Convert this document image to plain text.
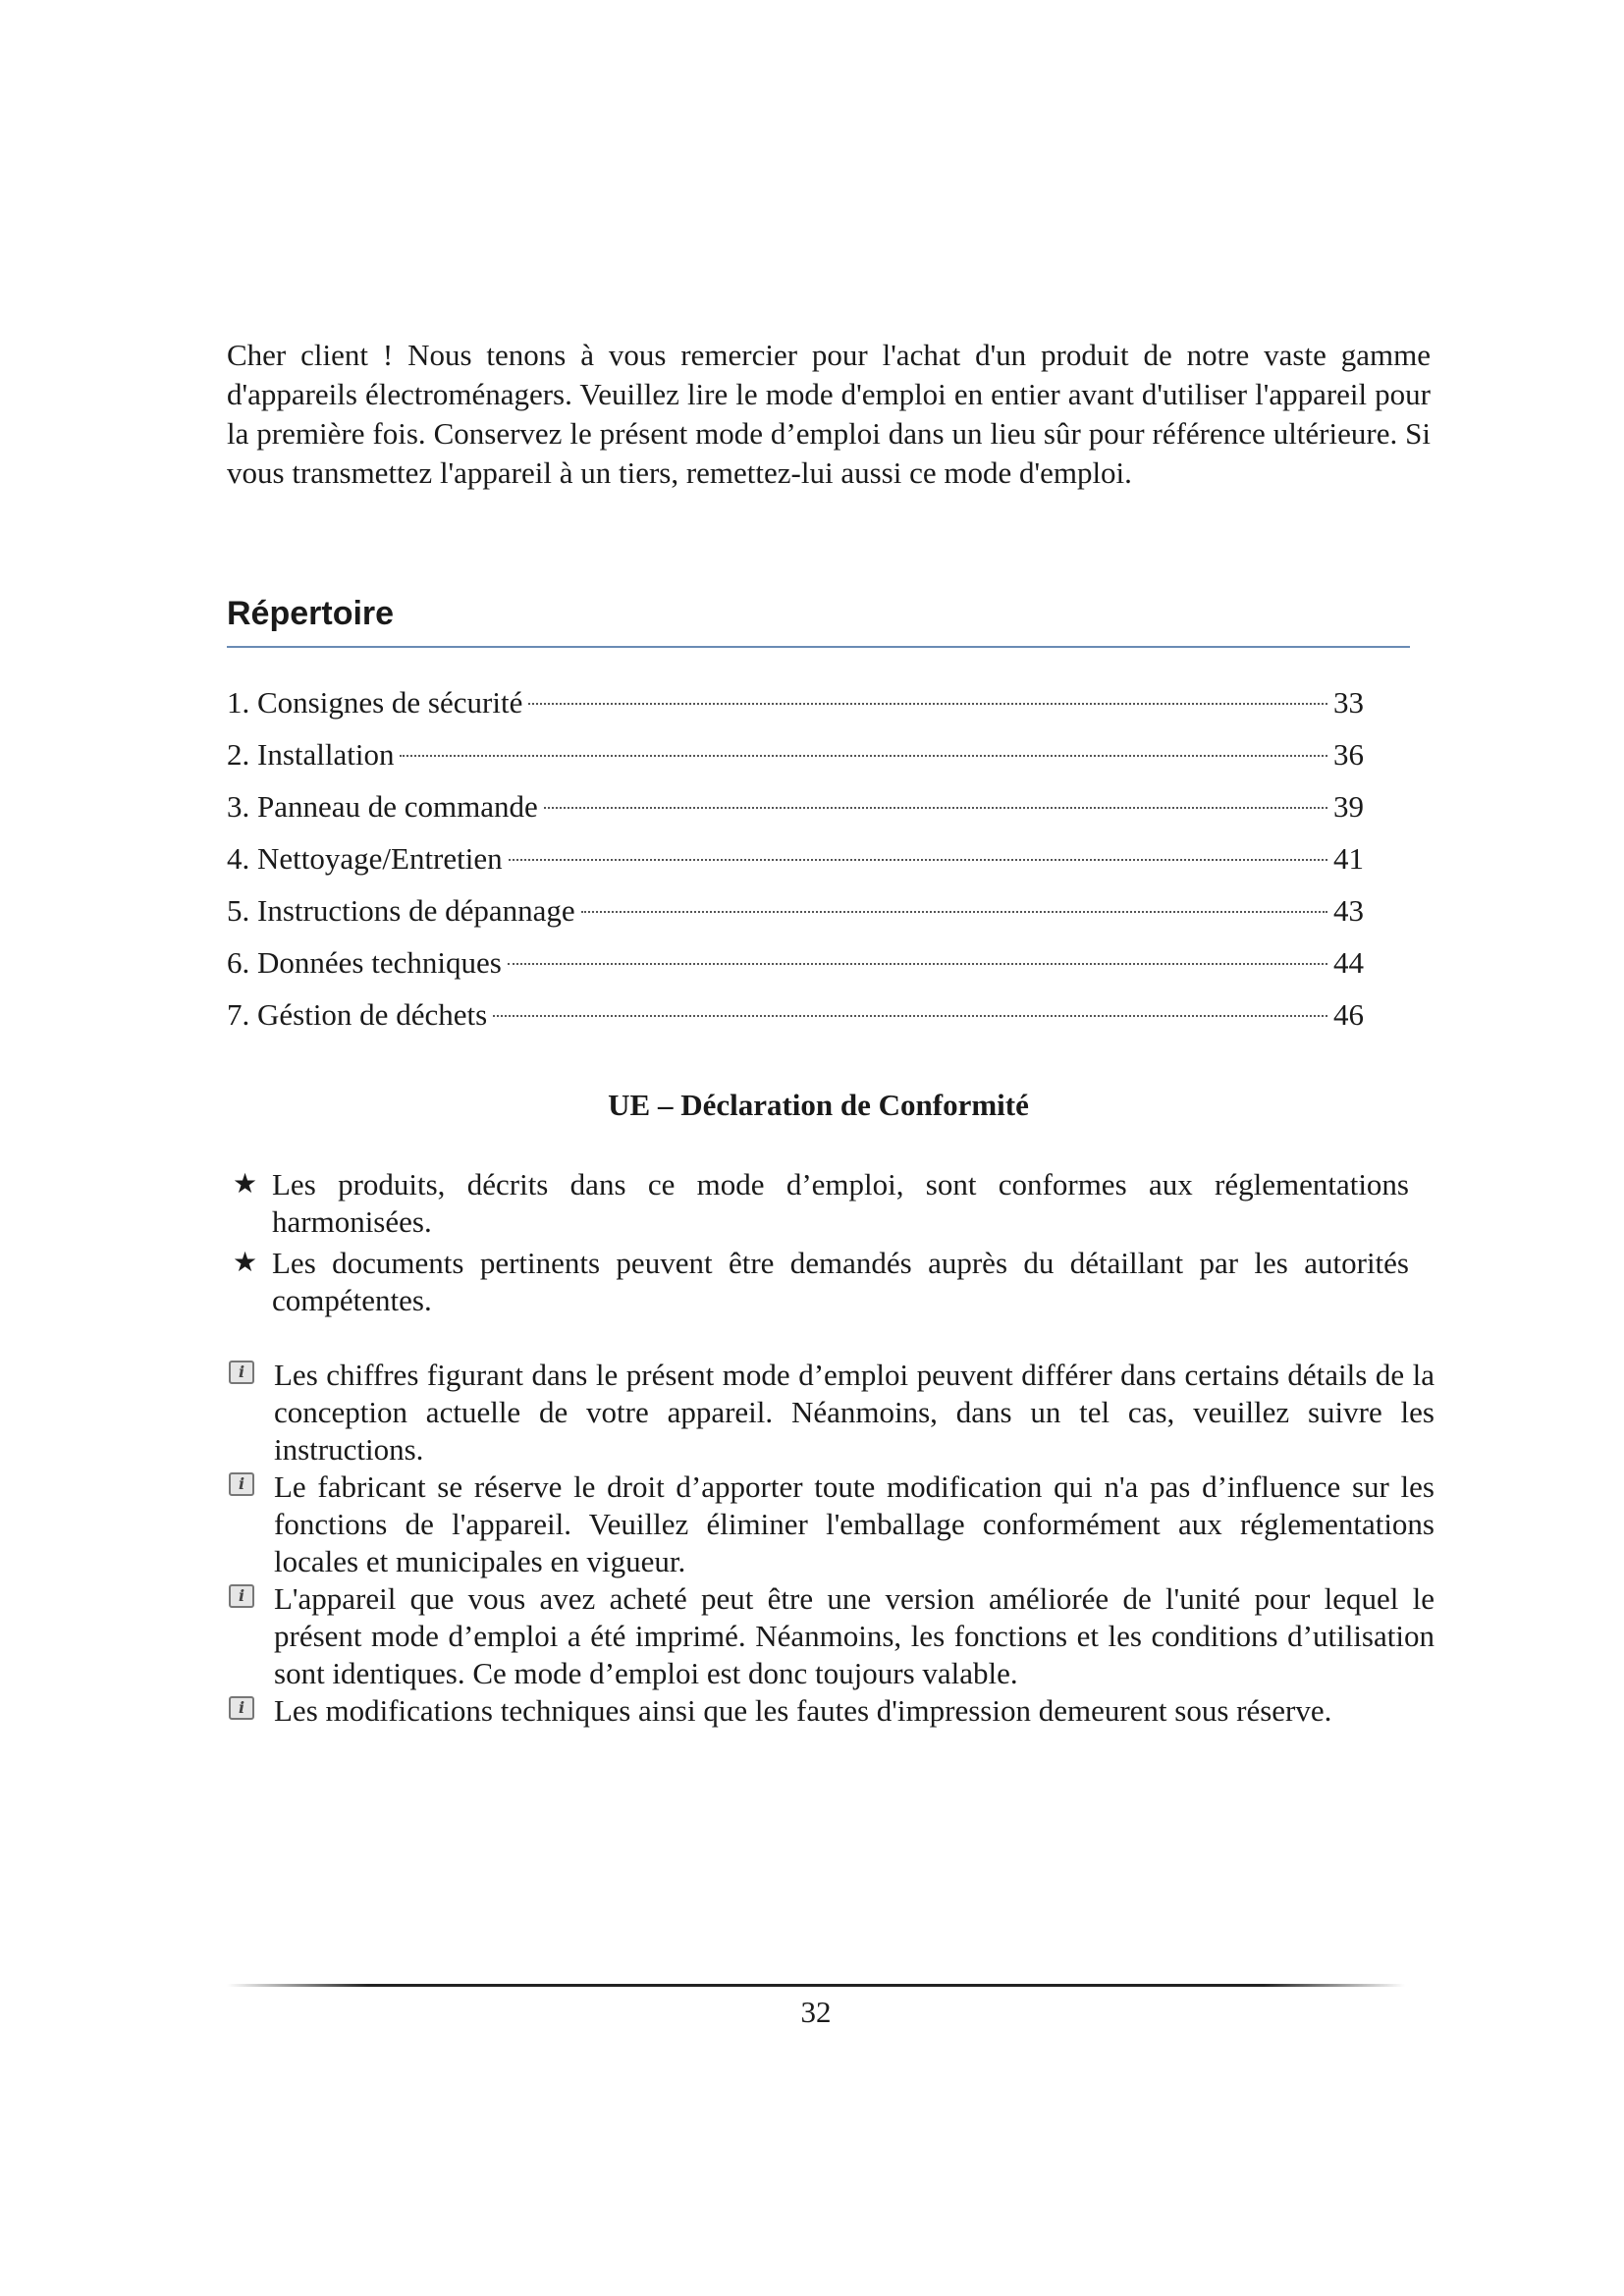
Cher client ! Nous tenons à vous remercier pour l'achat d'un produit de notre vaste gamme d'appareils électroménagers. Veuillez lire le mode d'emploi en entier avant d'utiliser l'appareil pour la première fois. Conservez le présent mode d’emploi dans un lieu sûr pour référence ultérieure. Si vous transmettez l'appareil à un tiers, remettez-lui aussi ce mode d'emploi.

Répertoire
1. Consignes de sécurité	33
2. Installation	36
3. Panneau de commande	39
4. Nettoyage/Entretien	41
5. Instructions de dépannage	43
6. Données techniques	44
7. Géstion de déchets	46
UE – Déclaration de Conformité
★ Les produits, décrits dans ce mode d’emploi, sont conformes aux réglementations harmonisées.
★ Les documents pertinents peuvent être demandés auprès du détaillant par les autorités compétentes.
i Les chiffres figurant dans le présent mode d’emploi peuvent différer dans certains détails de la conception actuelle de votre appareil. Néanmoins, dans un tel cas, veuillez suivre les instructions.
i Le fabricant se réserve le droit d’apporter toute modification qui n'a pas d’influence sur les fonctions de l'appareil. Veuillez éliminer l'emballage conformément aux réglementations locales et municipales en vigueur.
i L'appareil que vous avez acheté peut être une version améliorée de l'unité pour lequel le présent mode d’emploi a été imprimé. Néanmoins, les fonctions et les conditions d’utilisation sont identiques. Ce mode d’emploi est donc toujours valable.
i Les modifications techniques ainsi que les fautes d'impression demeurent sous réserve.
32
